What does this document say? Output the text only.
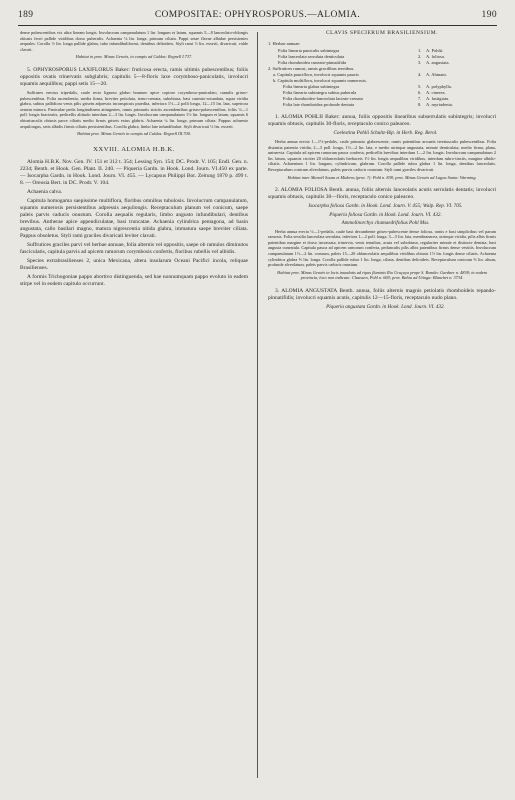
189	COMPOSITAE: OPHYROSPORUS.—ALOMIA.	190

dense pubescentibus vix ultra lineam longis. Involucrum campanulatum 1 lin. longum et latum, squamis 5—8 lanceolato-oblongis obtusis ferrò pallide viridibus dorso puberulis. Achaenia ⅛ lin. longa, primum ciliata. Pappi setae flavae albidae persistentes aequales. Corolla ½ lin. longa pallide glabra, tubo infundibuliformi, dentibus deltoideis. Styli rami ⅓ lin. exserti, divaricati, valde clavati.

Habitat in prov. Minas Geraës, in campis ad Caldas: Regnell I.737.

5. OPHYROSPORUS LAXIFLORUS Baker: fruticosa erecta, ramis ultimis pubescentibus; foliis oppositis ovatis trinervatis subglabris; capitulis 5—8-floris laxe corymboso-paniculatis, involucri squamis aequilibus; pappi setis 15—20.

Suffrutex erectus tripedalis, caule recto lignoso glabro brunneo apice copiose corymboso-paniculato, ramulis griseo-pubescentibus. Folia ascendentia, media firma, breviter petiolata, terno-crenata, subobtusa, basi cuneato-rotundata, supra viridia glabra, subtus pallidiora venis pilis grisein adpressis inconspicuis praedita, inferiora 1½—2 polli longa, 12—15 lin. lata, superiora sensim minora. Paniculae pedis longitudinem attingentes, ramis primariis strictis ascendentibus griseo-pubescentibus, foliis ½—1 poll. longis bracteatis, pedicellis altitudo interdum 2—3 lin. longis. Involucrum campanulatum 1½ lin. longum et latum, squamis 6 obtusiusculis obtusis parce ciliatis medio firmis griseis extus glabris. Achaenia ¼ lin. longa, primum ciliata. Pappus achaenio aequilongus, setis albidis firmis ciliatis persistentibus. Corolla glabra, limbo late infundibulari. Styli divaricati ⅓ lin. exserti.

Habitat prov. Minas Geraës in campis ad Caldas: Regnell III.700.

XXVIII. ALOMIA H.B.K.

Alomia H.B.K. Nov. Gen. IV. 151 et 312 t. 354; Lessing Syn. 154; DC. Prodr. V. 105; Endl. Gen. n. 2234; Benth. et Hook. Gen. Plant. II. 240. — Piqueria Gardn. in Hook. Lond. Journ. VI.450 ex parte. — Isocarpha Gardn. in Hook. Lond. Journ. VI. 455. — Lycapsus Philippi Bot. Zeitung 1870 p. 499 t. 8. — Oreosia Bert. in DC. Prodr. V. 104.

Achaenia calva.

Capitula homogama saepissime multiflora, floribus omnibus tubulosis. Involucrum campanulatum, squamis numerosis persistentibus adpressis aequilongis. Receptaculum planum vel conicum, saepe paleis parvis caducis onustum. Corolla aequalis regularis, limbo angusto infundibulari, dentibus brevibus. Antherae apice appendiculatae, basi truncatae. Achaenia cylindrica pentagona, ad basin angustata, callo basilari magno, matura nigrescentia nitida glabra, immatura saepe breviter ciliata. Pappus obsoletus. Styli rami graciles divaricati leviter clavati.

Suffrutices graciles parvi vel herbae annuae, folia alternis vel oppositis, saepe ob ramulos diminutos fasciculatis, capitula parvis ad apicem ramorum corymbosis confertis, floribus rubellis vel albidis.

Species extrabrasilienses 2, unica Mexicana, altera insularum Oceani Pacifici incola, reliquae Brasilienses.

A formis Trichogoniae pappo abortivo distinguenda, sed hae nonnumquam pappo evoluto in eadem stirpe vel in eodem capitulo occurrunt.

CLAVIS SPECIERUM BRASILIENSIUM.
1. Herbae annuae.
Folia linearia paniculis subintegra	1. A. Pohlii.
Folia lanceolata serrulata denticulata	2. A. foliosa.
Folia rhomboidea cuneato-pinnatifida	3. A. angustata.
2. Suffrutices ramosi, ramis gracilibus teretibus.
a. Capitula pauciflora, involucri squamis paucis	4. A. Ahmani.
b. Capitula multiflora, involucri squamis numerosis.
Folia linearia glabra subintegra	5. A. polyphylla.
Folia linearia subintegra subtus puberula	6. A. cinerea.
Folia rhomboideo-lanceolata lacinio-crenata	7. A. fastigiata.
Folia late rhomboidea profunde dentata	8. A. myriadenia.

1. ALOMIA POHLII Baker: annua, foliis oppositis linearibus subserrulatis subintegris; involucri squamis obtusis, capitulis 30-floris, receptaculo conico paleaceo.

Coelestina Pohlii Schultz-Bip. in Herb. Reg. Berol.

Herba annua erecta 1—1½-pedalis, caule primario glabrescente, ramis patentibus arcuatis teretiusculis pubescentibus. Folia distantia patentia viridia, 2—3 poll. longa, 1½—2 lin. lata, e medio utrinque angustata, minute denticulata, medio firma, plana, uninervia. Capitula ad apicem ramorum pauca conferta, pedicellis brevibus interdum 1—2 lin. longis. Involucrum campanulatum 2 lin. latum, squamis circiter 20 oblanceolatis herbaceis 1½ lin. longis aequalibus viridibus, interdum rubro-tinctis, margine albido-ciliatis. Achaenium 1 lin. longum, cylindricum, glabrum. Corolla pallide rubra glabra 1 lin. longa, dentibus lanceolatis. Receptaculum conicum alveolatum, paleis parvis caducis onustum. Styli rami graciles divaricati.

Habitat inter Manoël Souza et Mideros (prov. ?): Pohl n. 838; prov. Minas Geraës ad Lagoa Santa: Warming.

2. ALOMIA FOLIOSA Benth. annua, foliis alternis lanceolatis acutis serrulatis dentatis; involucri squamis obtusis, capitulis 30—floris, receptaculo conico paleaceo.

Isocarpha foliosa Gardn. in Hook. Lond. Journ. V. 455; Walp. Rep. VI. 705.

Piqueria foliosa Gardn. in Hook. Lond. Journ. VI. 432.

Ammolinorchys chamaedrifolius Pohl Mss.

Herba annua erecta ½—1-pedalis, caule basi decumbente griseo-pubescente dense foliosa, ramis e basi simplicibus vel parum ramosis. Folia sessilia lanceolata serrulata, inferiora 1—2 poll. longa, 3—5 lin. lata, membranacea, utrinque viridia, pilis albis firmis patentibus margine et dorso incrassata, trinervia, venis tenuibus, acuta vel subobtusa, regulariter minute et distincte dentata, basi angusta cuneatula. Capitula pauca ad apicem ramorum conferta, pedunculis pilis albis patentibus firmis dense vestitis. Involucrum campanulatum 1½—2 lin. crassum, paleis 15—20 oblanceolatis aequilibus viridibus obtusis 1½ lin. longis dense ciliatis. Achaenia cylindrica glabra ⅔ lin. longa. Corolla pallide rubra 1 lin. longa, ciliata, dentibus deltoideis. Receptaculum conicum ⅔ lin. altum, profunde alveolatum, paleis parvis caducis onustum.

Habitat prov. Minas Geraës in locis inundatis ad ripas fluminis Rio Uruçuya prope S. Romão: Gardner n. 4838; in eadem provincia, loco non indicato: Claussen, Pohl n. 669; prov. Bahia ad Utinga: Blanchet n. 3734.

3. ALOMIA ANGUSTATA Benth. annua, foliis alternis magnis petiolatis rhomboideis repando-pinnatifidis; involucri squamis acutis, capitulis 12—15-floris, receptaculo nudo plano.

Piqueria angustata Gardn. in Hook. Lond. Journ. VI. 432.
